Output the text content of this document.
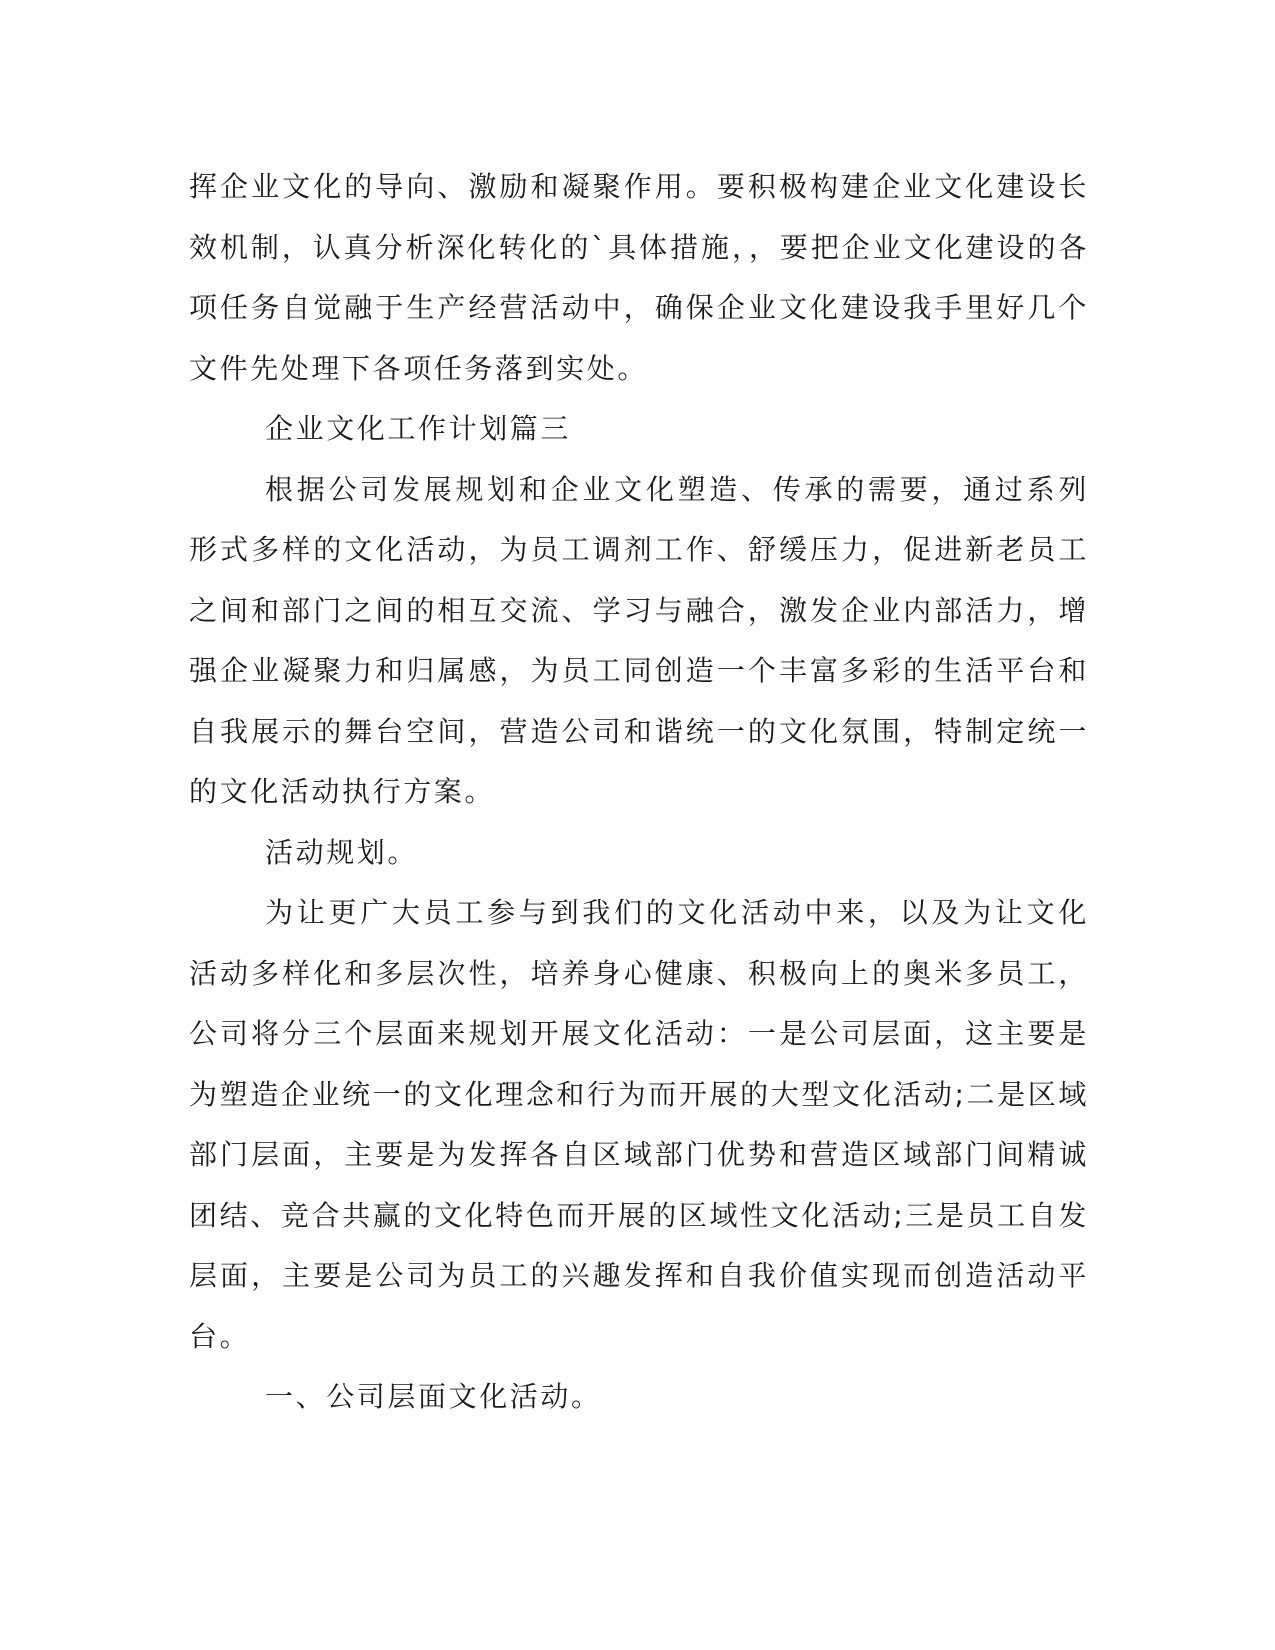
挥企业文化的导向、激励和凝聚作用。要积极构建企业文化建设长效机制，认真分析深化转化的`具体措施，，要把企业文化建设的各项任务自觉融于生产经营活动中，确保企业文化建设我手里好几个文件先处理下各项任务落到实处。

企业文化工作计划篇三

根据公司发展规划和企业文化塑造、传承的需要，通过系列形式多样的文化活动，为员工调剂工作、舒缓压力，促进新老员工之间和部门之间的相互交流、学习与融合，激发企业内部活力，增强企业凝聚力和归属感，为员工同创造一个丰富多彩的生活平台和自我展示的舞台空间，营造公司和谐统一的文化氛围，特制定统一的文化活动执行方案。

活动规划。

为让更广大员工参与到我们的文化活动中来，以及为让文化活动多样化和多层次性，培养身心健康、积极向上的奥米多员工，公司将分三个层面来规划开展文化活动：一是公司层面，这主要是为塑造企业统一的文化理念和行为而开展的大型文化活动;二是区域部门层面，主要是为发挥各自区域部门优势和营造区域部门间精诚团结、竞合共赢的文化特色而开展的区域性文化活动;三是员工自发层面，主要是公司为员工的兴趣发挥和自我价值实现而创造活动平台。

一、公司层面文化活动。
